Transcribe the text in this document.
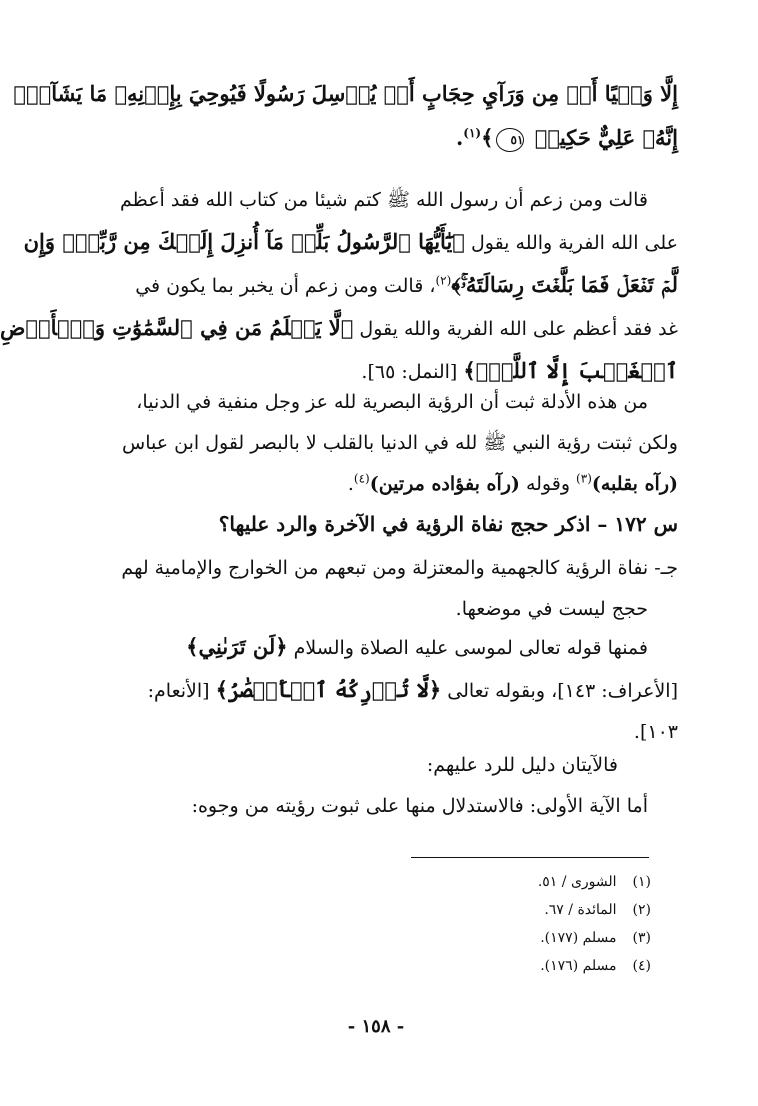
إِلَّا وَحۡيًا أَوۡ مِن وَرَآيِ حِجَابٍ أَوۡ يُرۡسِلَ رَسُولًا فَيُوحِيَ بِإِذۡنِهِۦ مَا يَشَآءُۚ
إِنَّهُۥ عَلِيٌّ حَكِيمٞ ٥١﴾$^{(١)}$.
قالت ومن زعم أن رسول الله ﷺ كتم شيئا من كتاب الله فقد أعظم
على الله الفرية والله يقول ﴿يَٰٓأَيُّهَا ٱلرَّسُولُ بَلِّغۡ مَآ أُنزِلَ إِلَيۡكَ مِن رَّبِّكَۖ وَإِن
لَّمۡ تَفۡعَلۡ فَمَا بَلَّغۡتَ رِسَالَتَهُۥۚ﴾$^{(٢)}$، قالت ومن زعم أن يخبر بما يكون في
غد فقد أعظم على الله الفرية والله يقول ﴿لَّا يَعۡلَمُ مَن فِي ٱلسَّمَٰوَٰتِ وَٱلۡأَرۡضِ
ٱلۡغَيۡبَ إِلَّا ٱللَّهُۚ﴾ [النمل: ٦٥].
من هذه الأدلة ثبت أن الرؤية البصرية لله عز وجل منفية في الدنيا،
ولكن ثبتت رؤية النبي ﷺ لله في الدنيا بالقلب لا بالبصر لقول ابن عباس
(رآه بقلبه)$^{(٣)}$ وقوله (رآه بفؤاده مرتين)$^{(٤)}$.
س ١٧٢ – اذكر حجج نفاة الرؤية في الآخرة والرد عليها؟
جـ- نفاة الرؤية كالجهمية والمعتزلة ومن تبعهم من الخوارج والإمامية لهم
حجج ليست في موضعها.
فمنها قوله تعالى لموسى عليه الصلاة والسلام ﴿لَن تَرَىٰنِي﴾
[الأعراف: ١٤٣]، وبقوله تعالى ﴿لَّا تُدۡرِكُهُ ٱلۡأَبۡصَٰرُ﴾ [الأنعام:
١٠٣].
فالآيتان دليل للرد عليهم:
أما الآية الأولى: فالاستدلال منها على ثبوت رؤيته من وجوه:
(١) الشورى / ٥١.
(٢) المائدة / ٦٧.
(٣) مسلم (١٧٧).
(٤) مسلم (١٧٦).
- ١٥٨ -
